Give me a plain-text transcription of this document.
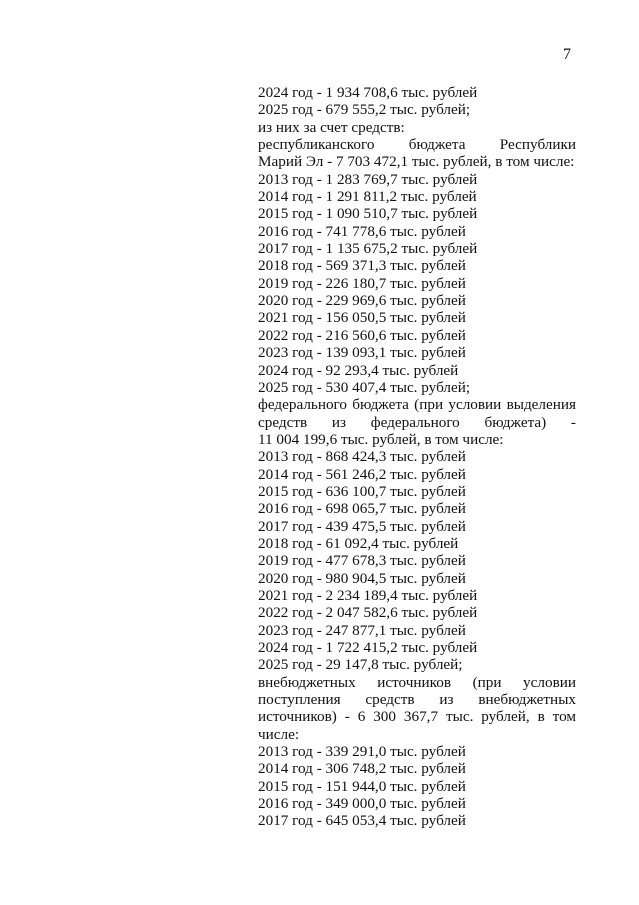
7
2024 год - 1 934 708,6 тыс. рублей
2025 год - 679 555,2 тыс. рублей;
из них за счет средств:
республиканского бюджета Республики
Марий Эл - 7 703 472,1 тыс. рублей, в том числе:
2013 год - 1 283 769,7 тыс. рублей
2014 год - 1 291 811,2 тыс. рублей
2015 год - 1 090 510,7 тыс. рублей
2016 год - 741 778,6 тыс. рублей
2017 год - 1 135 675,2 тыс. рублей
2018 год - 569 371,3 тыс. рублей
2019 год - 226 180,7 тыс. рублей
2020 год - 229 969,6 тыс. рублей
2021 год - 156 050,5 тыс. рублей
2022 год - 216 560,6 тыс. рублей
2023 год - 139 093,1 тыс. рублей
2024 год - 92 293,4 тыс. рублей
2025 год - 530 407,4 тыс. рублей;
федерального бюджета (при условии выделения
средств из федерального бюджета) -
11 004 199,6 тыс. рублей, в том числе:
2013 год - 868 424,3 тыс. рублей
2014 год - 561 246,2 тыс. рублей
2015 год - 636 100,7 тыс. рублей
2016 год - 698 065,7 тыс. рублей
2017 год - 439 475,5 тыс. рублей
2018 год - 61 092,4 тыс. рублей
2019 год - 477 678,3 тыс. рублей
2020 год - 980 904,5 тыс. рублей
2021 год - 2 234 189,4 тыс. рублей
2022 год - 2 047 582,6 тыс. рублей
2023 год - 247 877,1 тыс. рублей
2024 год - 1 722 415,2 тыс. рублей
2025 год - 29 147,8 тыс. рублей;
внебюджетных источников (при условии
поступления средств из внебюджетных
источников) - 6 300 367,7 тыс. рублей, в том
числе:
2013 год - 339 291,0 тыс. рублей
2014 год - 306 748,2 тыс. рублей
2015 год - 151 944,0 тыс. рублей
2016 год - 349 000,0 тыс. рублей
2017 год - 645 053,4 тыс. рублей
